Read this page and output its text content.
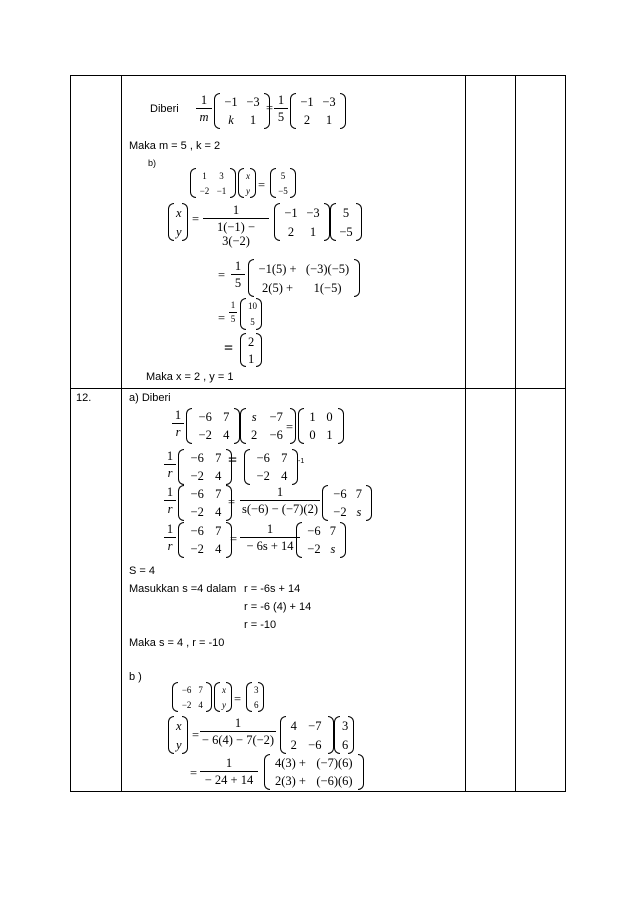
Diberi
1
m
−1	−3
k	1
=
1
5
−1	−3
2	1
Maka m = 5 , k = 2
b)
1	3
−2	−1
x
y =
5
−5
x
y
=
1
1(−1) − 3(−2)
−1	−3
2	1
5
−5
=
1
5
−1(5) +	(−3)(−5)
2(5) +	1(−5)
=
1
5
10
5
= 2
1
Maka x = 2 , y = 1
12.	a) Diberi
1
r
−6	7
−2	4
s	−7
2	−6
=
1	0
0	1
1
r
−6	7
−2	4
= −6	7
−2	4
-1
1
r
−6	7
−2	4
=
1
s(−6) − (−7)(2)
−6	7
−2	s
1
r
−6	7
−2	4
=
1
− 6s + 14
−6	7
−2	s
S = 4
Masukkan s =4 dalam r = -6s + 14
r = -6 (4) + 14
r = -10
Maka s = 4 , r = -10
b )
−6	7
−2	4
x
y =
3
6
x
y
=
1
− 6(4) − 7(−2)
4	−7
2	−6
3
6
=
1
− 24 + 14
4(3) +	(−7)(6)
2(3) +	(−6)(6)
